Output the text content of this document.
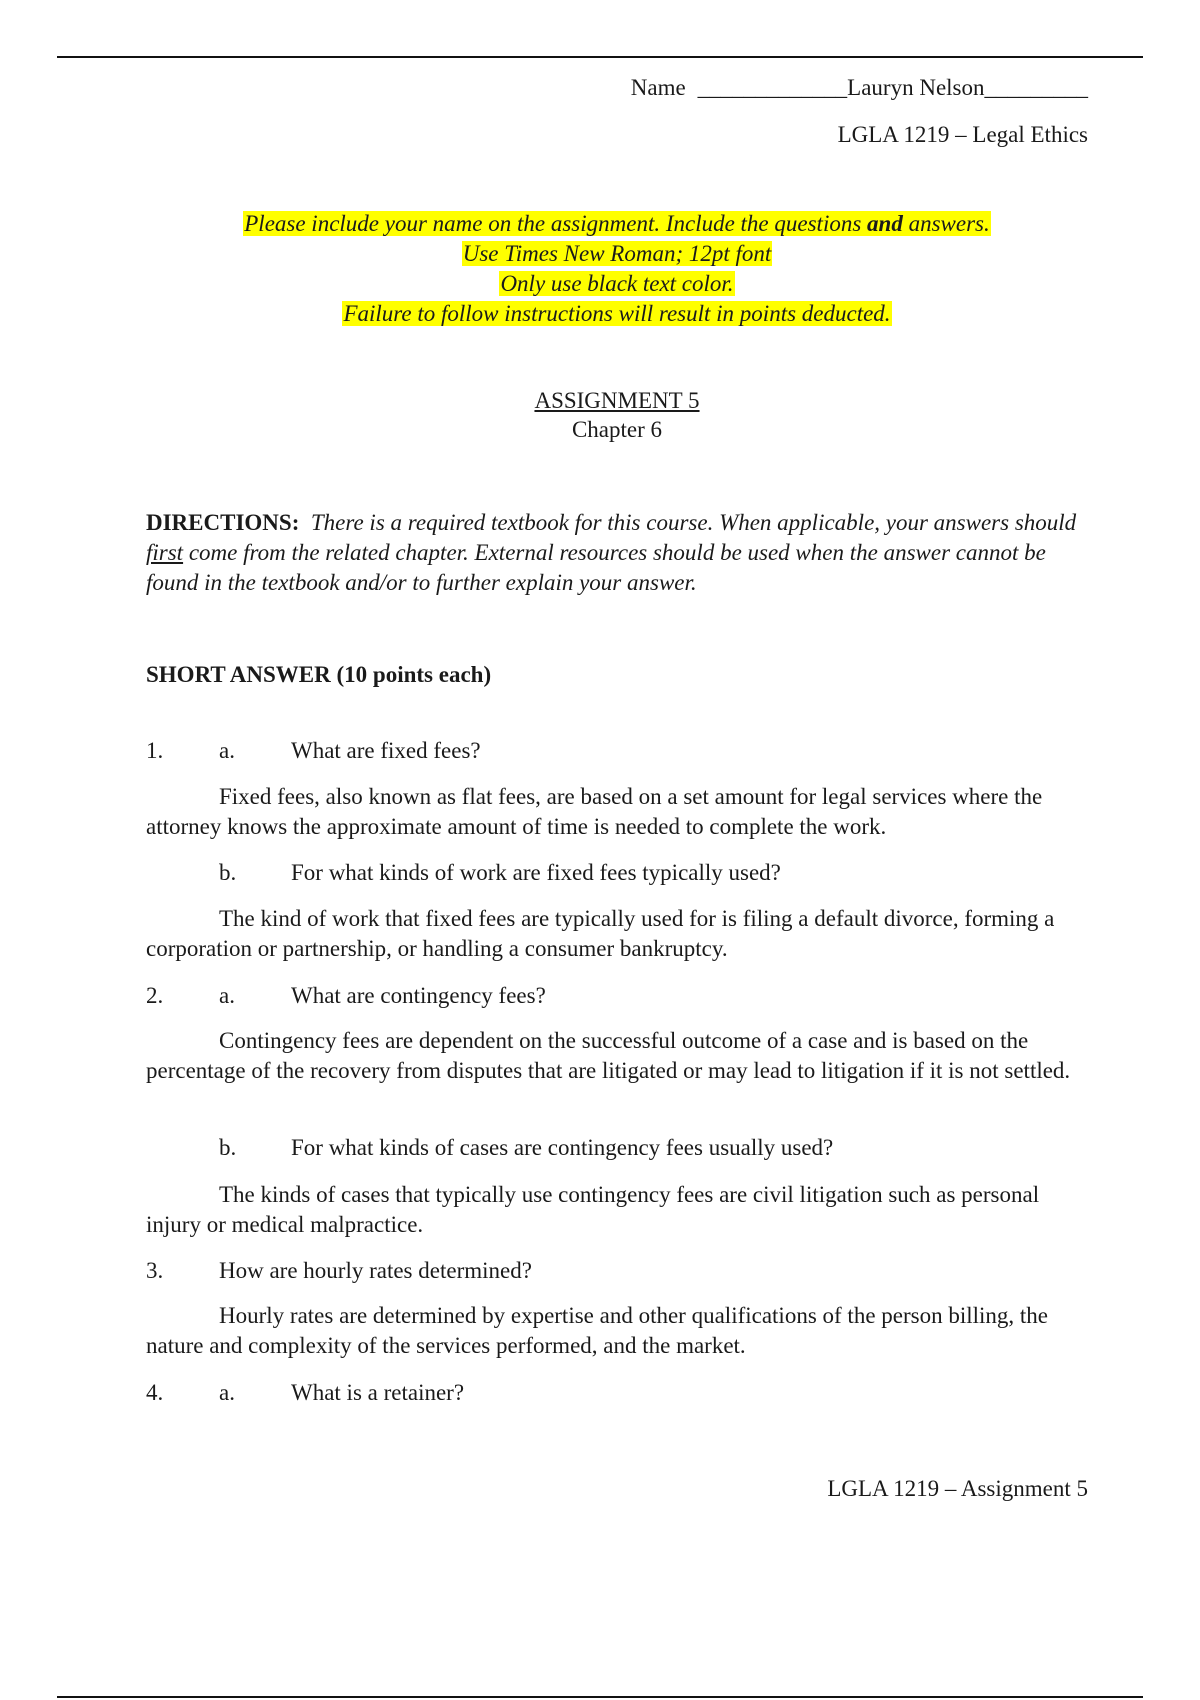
Name _____________Lauryn Nelson_________
LGLA 1219 – Legal Ethics
Please include your name on the assignment. Include the questions and answers.
Use Times New Roman; 12pt font
Only use black text color.
Failure to follow instructions will result in points deducted.
ASSIGNMENT 5
Chapter 6
DIRECTIONS: There is a required textbook for this course. When applicable, your answers should first come from the related chapter. External resources should be used when the answer cannot be found in the textbook and/or to further explain your answer.
SHORT ANSWER (10 points each)
1. a. What are fixed fees?
Fixed fees, also known as flat fees, are based on a set amount for legal services where the attorney knows the approximate amount of time is needed to complete the work.
b. For what kinds of work are fixed fees typically used?
The kind of work that fixed fees are typically used for is filing a default divorce, forming a corporation or partnership, or handling a consumer bankruptcy.
2. a. What are contingency fees?
Contingency fees are dependent on the successful outcome of a case and is based on the percentage of the recovery from disputes that are litigated or may lead to litigation if it is not settled.
b. For what kinds of cases are contingency fees usually used?
The kinds of cases that typically use contingency fees are civil litigation such as personal injury or medical malpractice.
3. How are hourly rates determined?
Hourly rates are determined by expertise and other qualifications of the person billing, the nature and complexity of the services performed, and the market.
4. a. What is a retainer?
LGLA 1219 – Assignment 5
